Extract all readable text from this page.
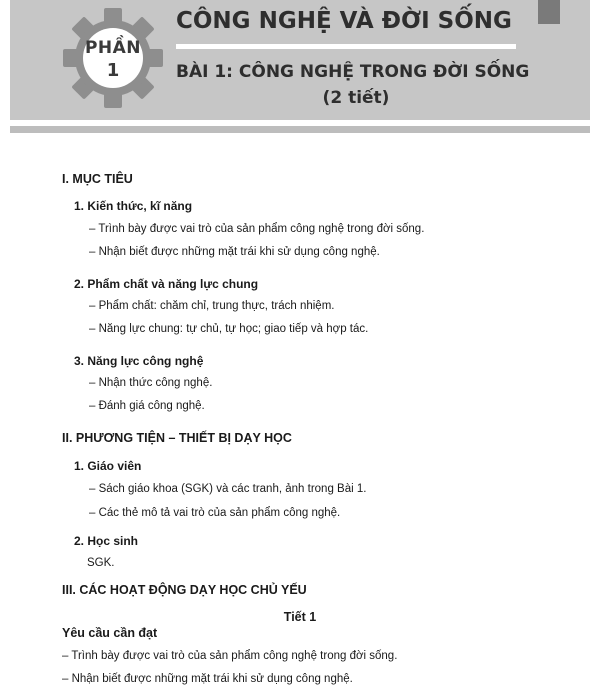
PHẦN
1
CÔNG NGHỆ VÀ ĐỜI SỐNG
BÀI 1: CÔNG NGHỆ TRONG ĐỜI SỐNG
(2 tiết)
I. MỤC TIÊU
1. Kiến thức, kĩ năng
– Trình bày được vai trò của sản phẩm công nghệ trong đời sống.
– Nhận biết được những mặt trái khi sử dụng công nghệ.
2. Phẩm chất và năng lực chung
– Phẩm chất: chăm chỉ, trung thực, trách nhiệm.
– Năng lực chung: tự chủ, tự học; giao tiếp và hợp tác.
3. Năng lực công nghệ
– Nhận thức công nghệ.
– Đánh giá công nghệ.
II. PHƯƠNG TIỆN – THIẾT BỊ DẠY HỌC
1. Giáo viên
– Sách giáo khoa (SGK) và các tranh, ảnh trong Bài 1.
– Các thẻ mô tả vai trò của sản phẩm công nghệ.
2. Học sinh
SGK.
III. CÁC HOẠT ĐỘNG DẠY HỌC CHỦ YẾU
Tiết 1
Yêu cầu cần đạt
– Trình bày được vai trò của sản phẩm công nghệ trong đời sống.
– Nhận biết được những mặt trái khi sử dụng công nghệ.
